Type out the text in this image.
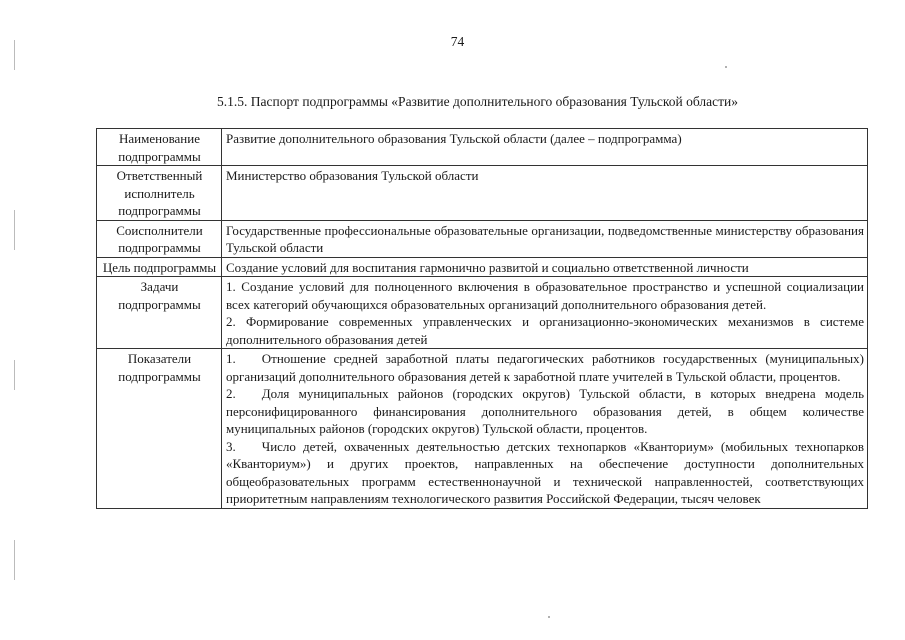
74
5.1.5. Паспорт подпрограммы «Развитие дополнительного образования Тульской области»
Наименование подпрограммы	Развитие дополнительного образования Тульской области (далее – подпрограмма)

Ответственный исполнитель подпрограммы	Министерство образования Тульской области

Соисполнители подпрограммы	Государственные профессиональные образовательные организации, подведомственные министерству образования Тульской области

Цель подпрограммы	Создание условий для воспитания гармонично развитой и социально ответственной личности

Задачи подпрограммы	1. Создание условий для полноценного включения в образовательное пространство и успешной социализации всех категорий обучающихся образовательных организаций дополнительного образования детей.
2. Формирование современных управленческих и организационно-экономических механизмов в системе дополнительного образования детей

Показатели подпрограммы	1.  Отношение средней заработной платы педагогических работников государственных (муниципальных) организаций дополнительного образования детей к заработной плате учителей в Тульской области, процентов.
2.  Доля муниципальных районов (городских округов) Тульской области, в которых внедрена модель персонифицированного финансирования дополнительного образования детей, в общем количестве муниципальных районов (городских округов) Тульской области, процентов.
3.  Число детей, охваченных деятельностью детских технопарков «Кванториум» (мобильных технопарков «Кванториум») и других проектов, направленных на обеспечение доступности дополнительных общеобразовательных программ естественнонаучной и технической направленностей, соответствующих приоритетным направлениям технологического развития Российской Федерации, тысяч человек
